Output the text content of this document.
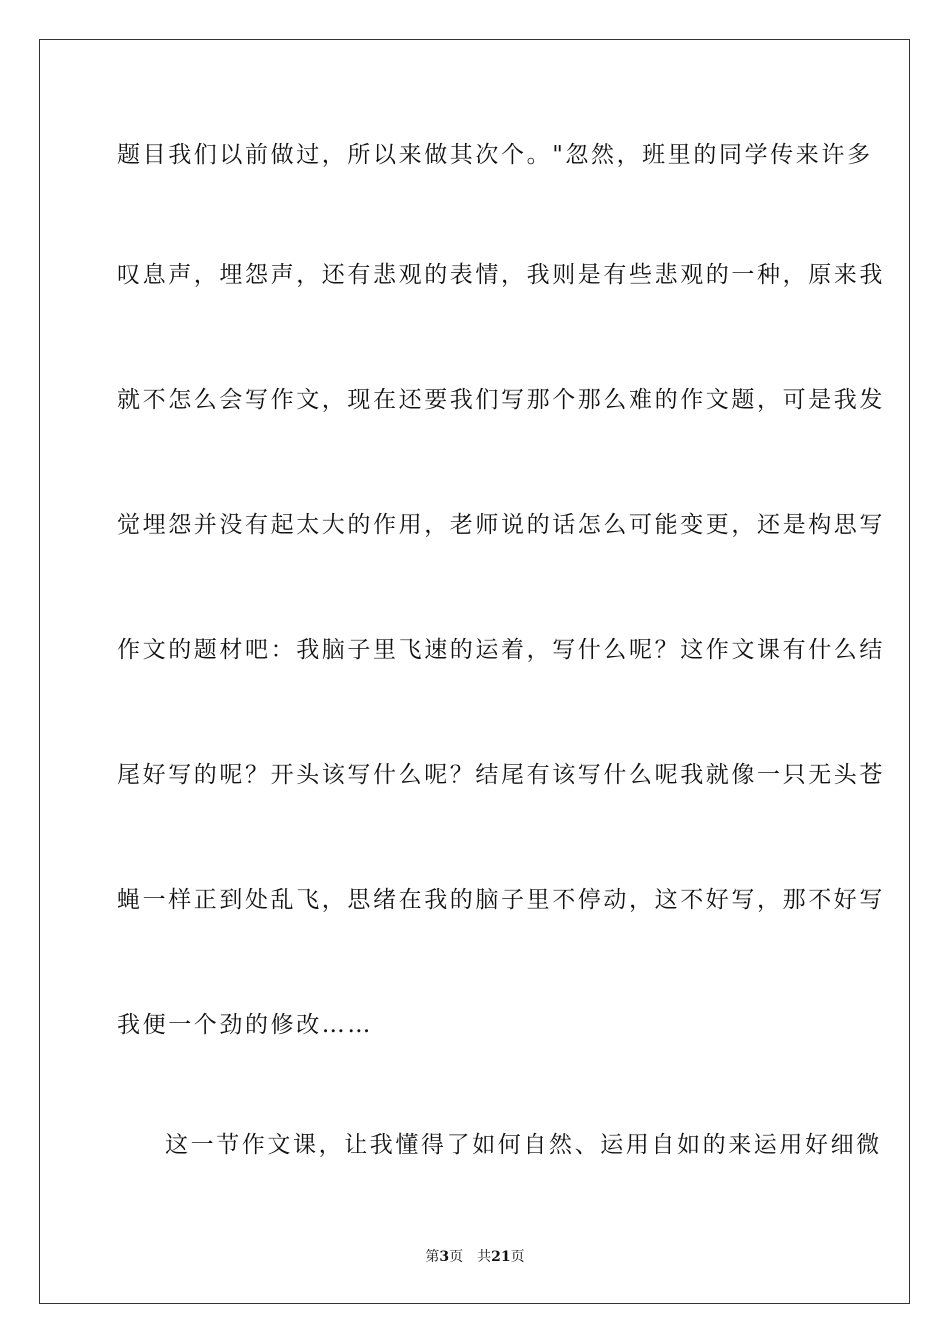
题目我们以前做过，所以来做其次个。"忽然，班里的同学传来许多
叹息声，埋怨声，还有悲观的表情，我则是有些悲观的一种，原来我
就不怎么会写作文，现在还要我们写那个那么难的作文题，可是我发
觉埋怨并没有起太大的作用，老师说的话怎么可能变更，还是构思写
作文的题材吧：我脑子里飞速的运着，写什么呢？这作文课有什么结
尾好写的呢？开头该写什么呢？结尾有该写什么呢我就像一只无头苍
蝇一样正到处乱飞，思绪在我的脑子里不停动，这不好写，那不好写
我便一个劲的修改……
这一节作文课，让我懂得了如何自然、运用自如的来运用好细微
第3页 共21页
